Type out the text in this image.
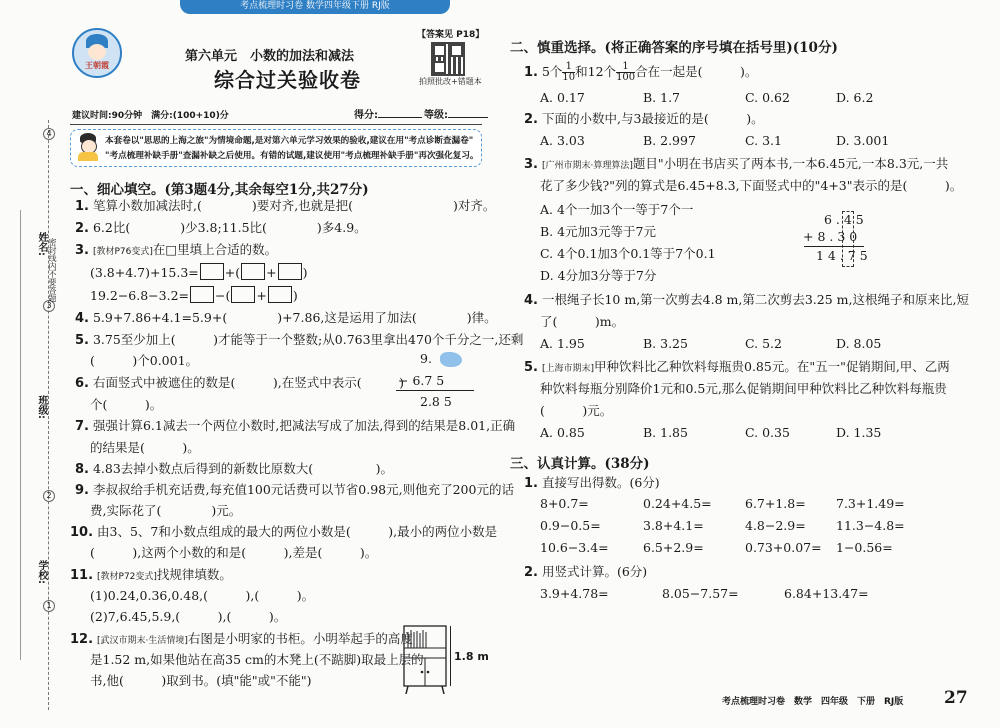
考点梳理时习卷 数学四年级下册 RJ版
王朝霞
第六单元　小数的加法和减法
综合过关验收卷
【答案见 P18】
拍照批改+错题本
建议时间:90分钟　满分:(100+10)分	得分:	等级:
本套卷以"思思的上海之旅"为情境命题,是对第六单元学习效果的验收,建议在用"考点诊断查漏卷"
"考点梳理补缺手册"查漏补缺之后使用。有错的试题,建议使用"考点梳理补缺手册"再次强化复习。
4
3
2
1
姓名: 密封线内不要答题
班级:
学校:
一、细心填空。(第3题4分,其余每空1分,共27分)
1. 笔算小数加减法时,(　　　　)要对齐,也就是把(　　　　　　　　)对齐。
2. 6.2比(　　　　)少3.8;11.5比(　　　　)多4.9。
3. [教材P76变式]在□里填上合适的数。
(3.8+4.7)+15.3= +( + )
19.2−6.8−3.2= −( + )
4. 5.9+7.86+4.1=5.9+(　　　　)+7.86,这是运用了加法(　　　　)律。
5. 3.75至少加上(　　　)才能等于一个整数;从0.763里拿出470个千分之一,还剩
(　　　)个0.001。
6. 右面竖式中被遮住的数是(　　　),在竖式中表示(　　　)
个(　　　)。
9.
− 6.7 5
2.8 5
7. 强强计算6.1减去一个两位小数时,把减法写成了加法,得到的结果是8.01,正确
的结果是(　　　)。
8. 4.83去掉小数点后得到的新数比原数大(　　　　　)。
9. 李叔叔给手机充话费,每充值100元话费可以节省0.98元,则他充了200元的话
费,实际花了(　　　　)元。
10. 由3、5、7和小数点组成的最大的两位小数是(　　　),最小的两位小数是
(　　　),这两个小数的和是(　　　),差是(　　　)。
11. [教材P72变式]找规律填数。
(1)0.24,0.36,0.48,(　　　),(　　　)。
(2)7,6.45,5.9,(　　　),(　　　)。
12. [武汉市期末·生活情境]右图是小明家的书柜。小明举起手的高度
是1.52 m,如果他站在高35 cm的木凳上(不踮脚)取最上层的
书,他(　　　)取到书。(填"能"或"不能")
1.8 m
二、慎重选择。(将正确答案的序号填在括号里)(10分)
1. 5个 $\frac{1}{10}$ 和12个 $\frac{1}{100}$ 合在一起是(　　　)。
A. 0.17	B. 1.7	C. 0.62	D. 6.2
2. 下面的小数中,与3最接近的是(　　　)。
A. 3.03	B. 2.997	C. 3.1	D. 3.001
3. [广州市期末·算理算法]题目"小明在书店买了两本书,一本6.45元,一本8.3元,一共
花了多少钱?"列的算式是6.45+8.3,下面竖式中的"4+3"表示的是(　　　)。
A. 4个一加3个一等于7个一
B. 4元加3元等于7元
C. 4个0.1加3个0.1等于7个0.1
D. 4分加3分等于7分
6 . 4 5
+ 8 . 3 0
1 4 . 7 5
4. 一根绳子长10 m,第一次剪去4.8 m,第二次剪去3.25 m,这根绳子和原来比,短
了(　　　)m。
A. 1.95	B. 3.25	C. 5.2	D. 8.05
5. [上海市期末]甲种饮料比乙种饮料每瓶贵0.85元。在"五一"促销期间,甲、乙两
种饮料每瓶分别降价1元和0.5元,那么促销期间甲种饮料比乙种饮料每瓶贵
(　　　)元。
A. 0.85	B. 1.85	C. 0.35	D. 1.35
三、认真计算。(38分)
1. 直接写出得数。(6分)
8+0.7=	0.24+4.5=	6.7+1.8= 7.3+1.49=
0.9−0.5=	3.8+4.1=	4.8−2.9= 11.3−4.8=
10.6−3.4=	6.5+2.9=	0.73+0.07= 1−0.56=
2. 用竖式计算。(6分)
3.9+4.78=	8.05−7.57=	6.84+13.47=
考点梳理时习卷　数学　四年级　下册　RJ版 27
